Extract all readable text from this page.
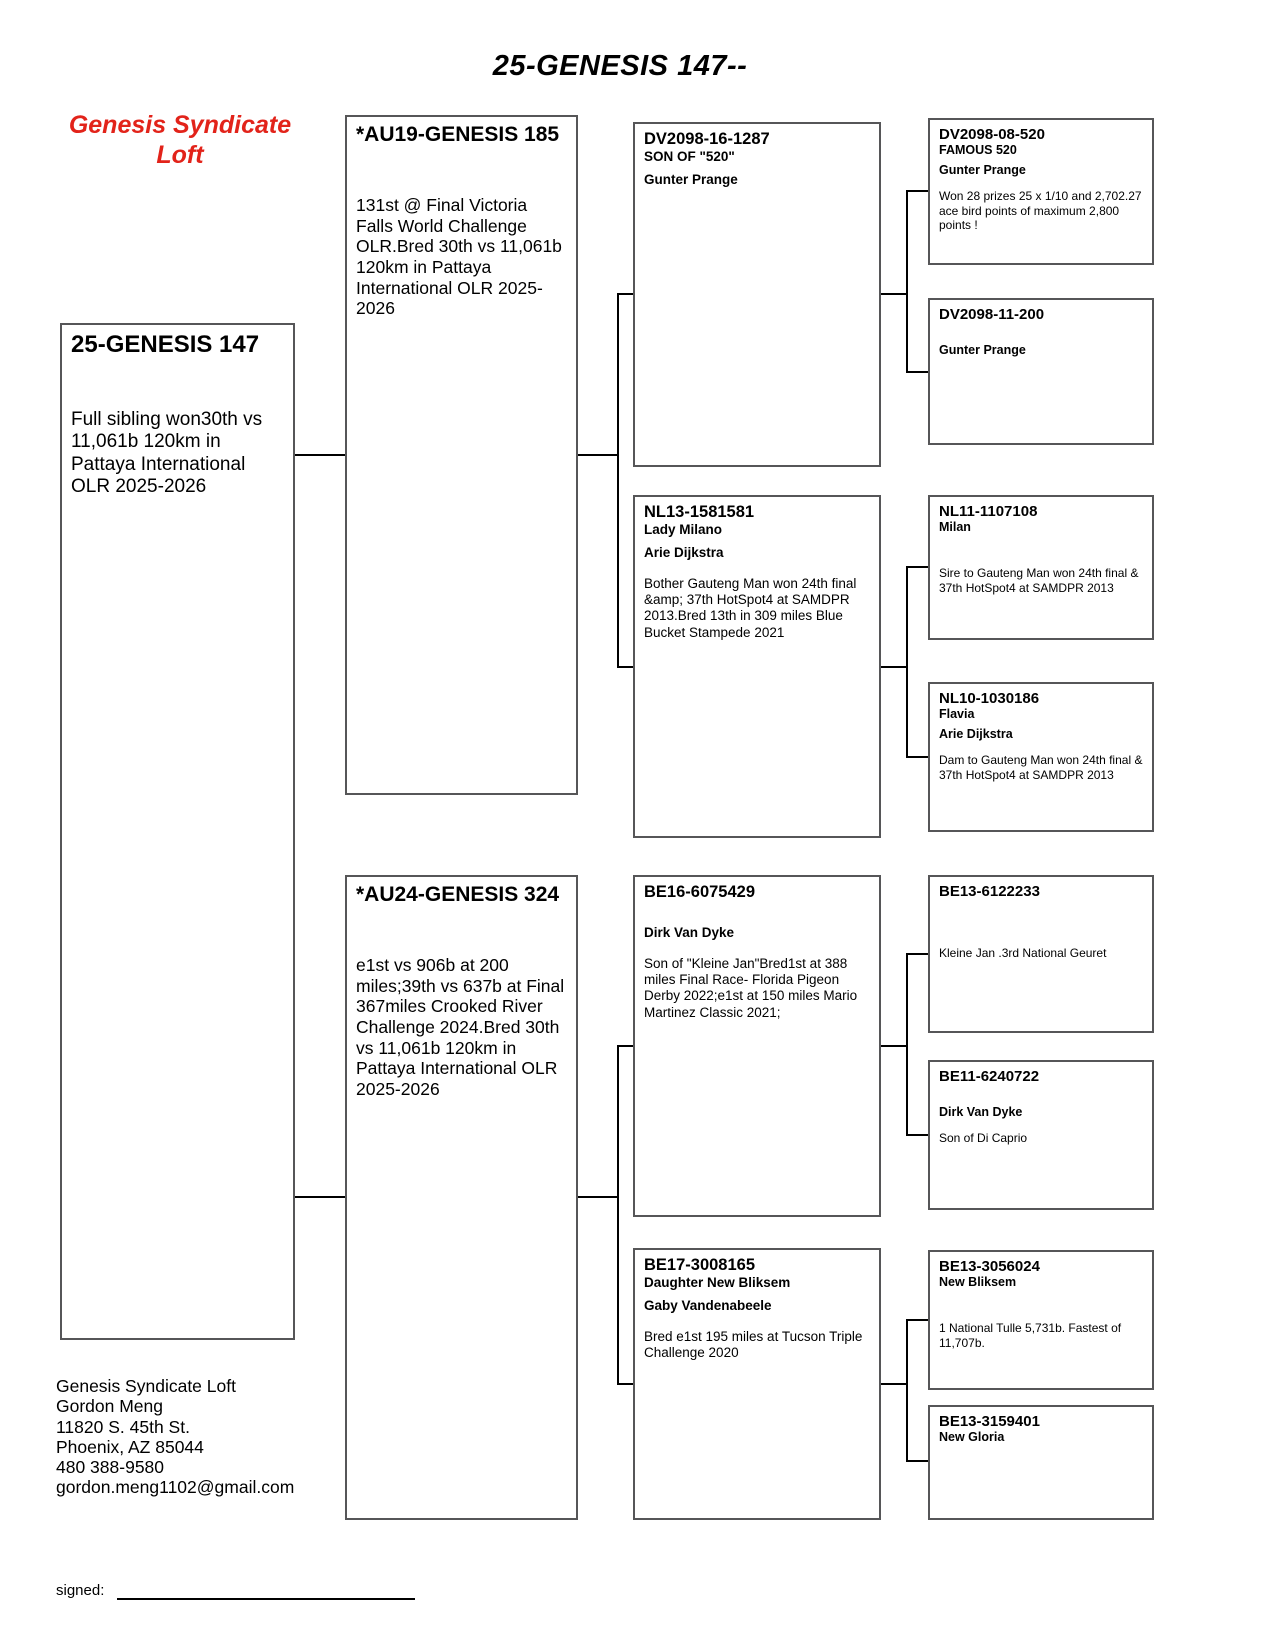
25-GENESIS 147--
Genesis Syndicate Loft
25-GENESIS 147
Full sibling won30th vs 11,061b 120km in Pattaya International OLR 2025-2026
*AU19-GENESIS 185
131st @ Final Victoria Falls World Challenge OLR.Bred 30th vs 11,061b 120km in Pattaya International OLR 2025-2026
*AU24-GENESIS 324
e1st vs 906b at 200 miles;39th vs 637b at Final 367miles Crooked River Challenge 2024.Bred 30th vs 11,061b 120km in Pattaya International OLR 2025-2026
DV2098-16-1287
SON OF "520"
Gunter Prange
NL13-1581581
Lady Milano
Arie Dijkstra
Bother Gauteng Man won 24th final &amp; 37th HotSpot4 at SAMDPR 2013.Bred 13th in 309 miles Blue Bucket Stampede 2021
BE16-6075429
Dirk Van Dyke
Son of "Kleine Jan"Bred1st at 388 miles Final Race- Florida Pigeon Derby 2022;e1st at 150 miles Mario Martinez Classic 2021;
BE17-3008165
Daughter New Bliksem
Gaby Vandenabeele
Bred e1st 195 miles at Tucson Triple Challenge 2020
DV2098-08-520
FAMOUS 520
Gunter Prange
Won 28 prizes 25 x 1/10 and 2,702.27 ace bird points of maximum 2,800 points !
DV2098-11-200
Gunter Prange
NL11-1107108
Milan
Sire to Gauteng Man won 24th final & 37th HotSpot4 at SAMDPR 2013
NL10-1030186
Flavia
Arie Dijkstra
Dam to Gauteng Man won 24th final & 37th HotSpot4 at SAMDPR 2013
BE13-6122233
Kleine Jan .3rd National Geuret
BE11-6240722
Dirk Van Dyke
Son of Di Caprio
BE13-3056024
New Bliksem
1 National Tulle 5,731b. Fastest of 11,707b.
BE13-3159401
New Gloria
Genesis Syndicate Loft
Gordon Meng
11820 S. 45th St.
Phoenix, AZ 85044
480 388-9580
gordon.meng1102@gmail.com
signed:
